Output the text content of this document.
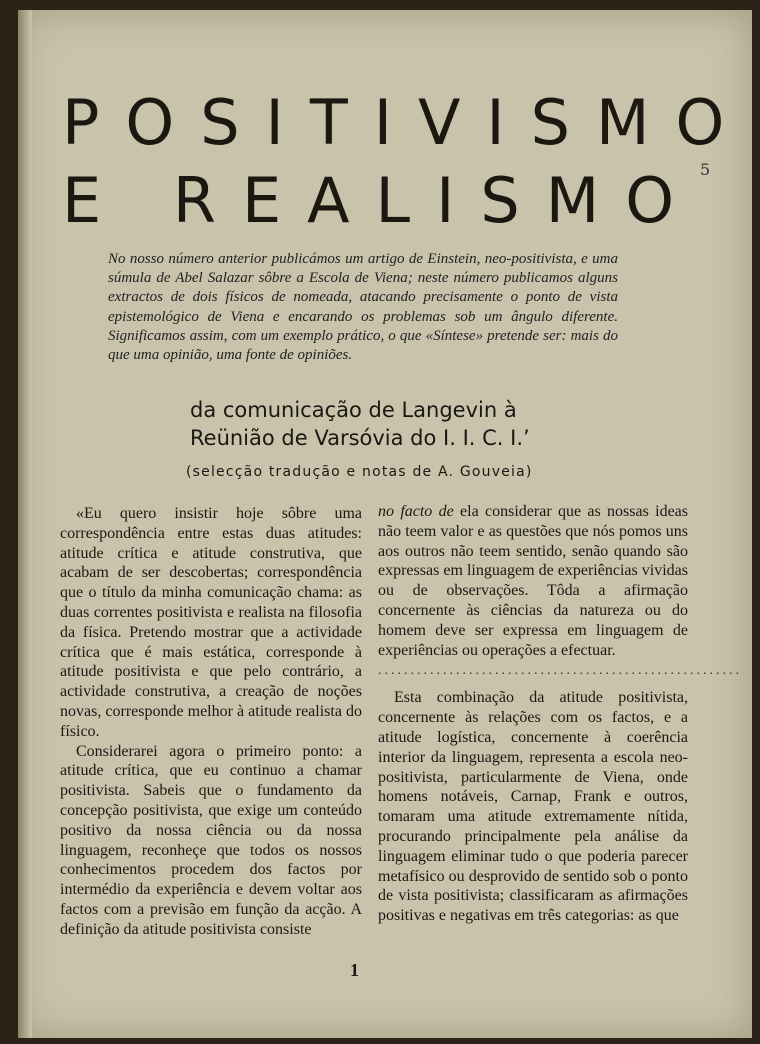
5
POSITIVISMO
E REALISMO
No nosso número anterior publicámos um artigo de Einstein, neo-positivista, e uma súmula de Abel Salazar sôbre a Escola de Viena; neste número publicamos alguns extractos de dois físicos de nomeada, atacando precisamente o ponto de vista epistemológico de Viena e encarando os problemas sob um ângulo diferente. Significamos assim, com um exemplo prático, o que «Síntese» pretende ser: mais do que uma opinião, uma fonte de opiniões.
da comunicação de Langevin à
Reünião de Varsóvia do I. I. C. I.’
(selecção tradução e notas de A. Gouveia)

«Eu quero insistir hoje sôbre uma correspondência entre estas duas atitudes: atitude crítica e atitude construtiva, que acabam de ser descobertas; correspondência que o título da minha comunicação chama: as duas correntes positivista e realista na filosofia da física. Pretendo mostrar que a actividade crítica que é mais estática, corresponde à atitude positivista e que pelo contrário, a actividade construtiva, a creação de noções novas, corresponde melhor à atitude realista do físico.

Considerarei agora o primeiro ponto: a atitude crítica, que eu continuo a chamar positivista. Sabeis que o fundamento da concepção positivista, que exige um conteúdo positivo da nossa ciência ou da nossa linguagem, reconheçe que todos os nossos conhecimentos procedem dos factos por intermédio da experiência e devem voltar aos factos com a previsão em função da acção. A definição da atitude positivista consiste

no facto de ela considerar que as nossas ideas não teem valor e as questões que nós pomos uns aos outros não teem sentido, senão quando são expressas em linguagem de experiências vividas ou de observações. Tôda a afirmação concernente às ciências da natureza ou do homem deve ser expressa em linguagem de experiências ou operações a efectuar.

........................................................

Esta combinação da atitude positivista, concernente às relações com os factos, e a atitude logística, concernente à coerência interior da linguagem, representa a escola neo-positivista, particularmente de Viena, onde homens notáveis, Carnap, Frank e outros, tomaram uma atitude extremamente nítida, procurando principalmente pela análise da linguagem eliminar tudo o que poderia parecer metafísico ou desprovido de sentido sob o ponto de vista positivista; classificaram as afirmações positivas e negativas em três categorias: as que

1
